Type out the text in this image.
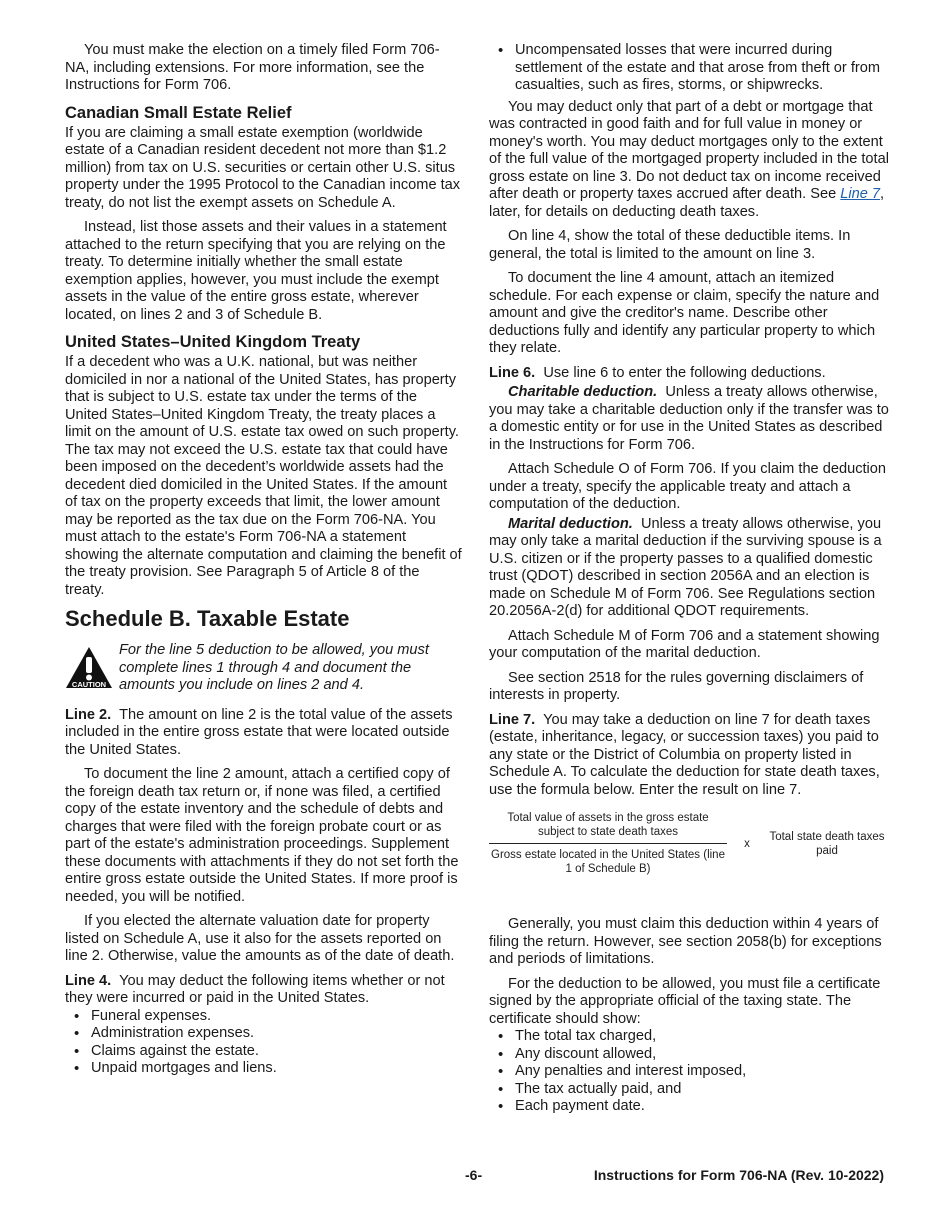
You must make the election on a timely filed Form 706-NA, including extensions. For more information, see the Instructions for Form 706.

Canadian Small Estate Relief

If you are claiming a small estate exemption (worldwide estate of a Canadian resident decedent not more than $1.2 million) from tax on U.S. securities or certain other U.S. situs property under the 1995 Protocol to the Canadian income tax treaty, do not list the exempt assets on Schedule A.

Instead, list those assets and their values in a statement attached to the return specifying that you are relying on the treaty. To determine initially whether the small estate exemption applies, however, you must include the exempt assets in the value of the entire gross estate, wherever located, on lines 2 and 3 of Schedule B.

United States–United Kingdom Treaty

If a decedent who was a U.K. national, but was neither domiciled in nor a national of the United States, has property that is subject to U.S. estate tax under the terms of the United States–United Kingdom Treaty, the treaty places a limit on the amount of U.S. estate tax owed on such property. The tax may not exceed the U.S. estate tax that could have been imposed on the decedent’s worldwide assets had the decedent died domiciled in the United States. If the amount of tax on the property exceeds that limit, the lower amount may be reported as the tax due on the Form 706-NA. You must attach to the estate's Form 706-NA a statement showing the alternate computation and claiming the benefit of the treaty provision. See Paragraph 5 of Article 8 of the treaty.

Schedule B. Taxable Estate
CAUTION
For the line 5 deduction to be allowed, you must complete lines 1 through 4 and document the amounts you include on lines 2 and 4.

Line 2. The amount on line 2 is the total value of the assets included in the entire gross estate that were located outside the United States.

To document the line 2 amount, attach a certified copy of the foreign death tax return or, if none was filed, a certified copy of the estate inventory and the schedule of debts and charges that were filed with the foreign probate court or as part of the estate's administration proceedings. Supplement these documents with attachments if they do not set forth the entire gross estate outside the United States. If more proof is needed, you will be notified.

If you elected the alternate valuation date for property listed on Schedule A, use it also for the assets reported on line 2. Otherwise, value the amounts as of the date of death.

Line 4. You may deduct the following items whether or not they were incurred or paid in the United States.

• Funeral expenses.
• Administration expenses.
• Claims against the estate.
• Unpaid mortgages and liens.
• Uncompensated losses that were incurred during settlement of the estate and that arose from theft or from casualties, such as fires, storms, or shipwrecks.

You may deduct only that part of a debt or mortgage that was contracted in good faith and for full value in money or money's worth. You may deduct mortgages only to the extent of the full value of the mortgaged property included in the total gross estate on line 3. Do not deduct tax on income received after death or property taxes accrued after death. See Line 7, later, for details on deducting death taxes.

On line 4, show the total of these deductible items. In general, the total is limited to the amount on line 3.

To document the line 4 amount, attach an itemized schedule. For each expense or claim, specify the nature and amount and give the creditor's name. Describe other deductions fully and identify any particular property to which they relate.

Line 6. Use line 6 to enter the following deductions.

Charitable deduction. Unless a treaty allows otherwise, you may take a charitable deduction only if the transfer was to a domestic entity or for use in the United States as described in the Instructions for Form 706.

Attach Schedule O of Form 706. If you claim the deduction under a treaty, specify the applicable treaty and attach a computation of the deduction.

Marital deduction. Unless a treaty allows otherwise, you may only take a marital deduction if the surviving spouse is a U.S. citizen or if the property passes to a qualified domestic trust (QDOT) described in section 2056A and an election is made on Schedule M of Form 706. See Regulations section 20.2056A-2(d) for additional QDOT requirements.

Attach Schedule M of Form 706 and a statement showing your computation of the marital deduction.

See section 2518 for the rules governing disclaimers of interests in property.

Line 7. You may take a deduction on line 7 for death taxes (estate, inheritance, legacy, or succession taxes) you paid to any state or the District of Columbia on property listed in Schedule A. To calculate the deduction for state death taxes, use the formula below. Enter the result on line 7.

Total value of assets in the gross estate subject to state death taxes
Gross estate located in the United States (line 1 of Schedule B)
x
Total state death taxes paid

Generally, you must claim this deduction within 4 years of filing the return. However, see section 2058(b) for exceptions and periods of limitations.

For the deduction to be allowed, you must file a certificate signed by the appropriate official of the taxing state. The certificate should show:

• The total tax charged,
• Any discount allowed,
• Any penalties and interest imposed,
• The tax actually paid, and
• Each payment date.
-6-	Instructions for Form 706-NA (Rev. 10-2022)
